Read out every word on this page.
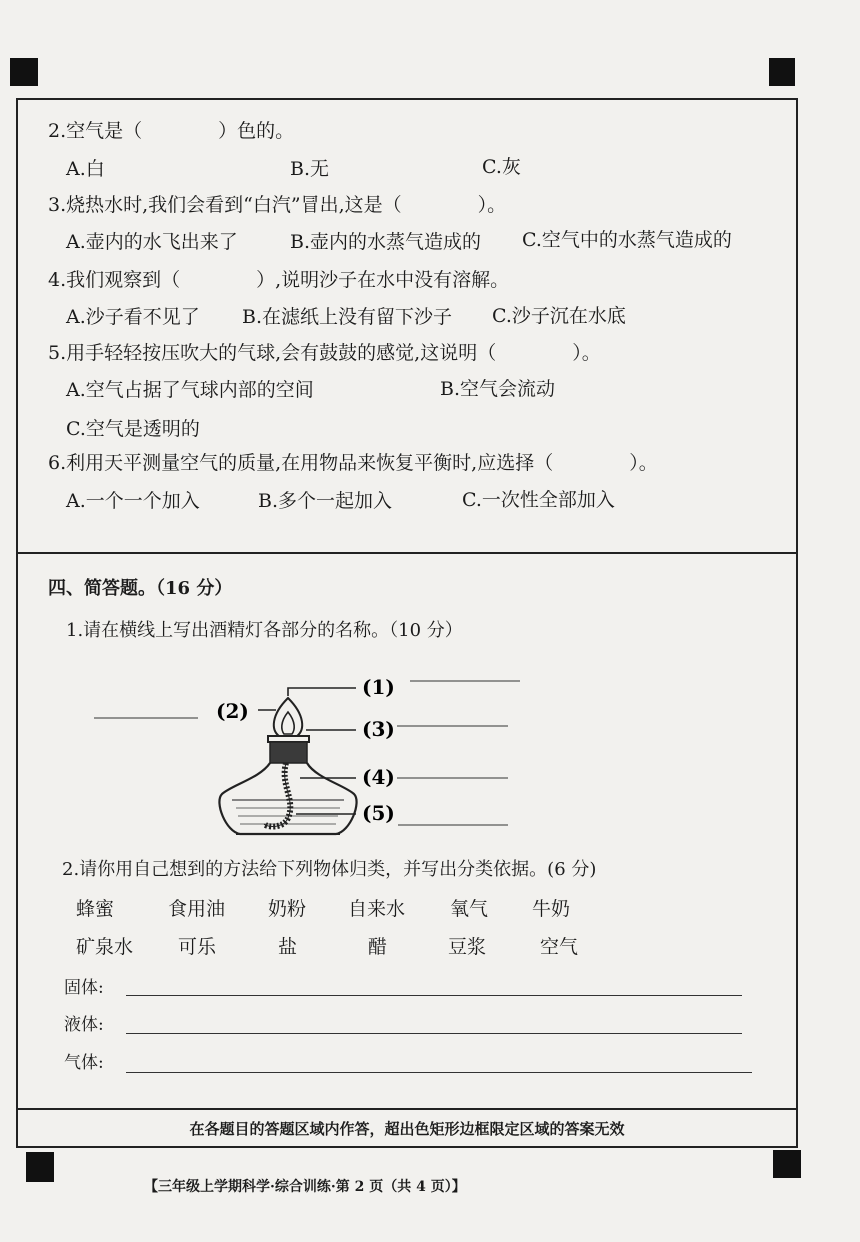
2.空气是（　　　　）色的。
A.白	B.无	C.灰
3.烧热水时,我们会看到“白汽”冒出,这是（　　　　）。
A.壶内的水飞出来了	B.壶内的水蒸气造成的 C.空气中的水蒸气造成的
4.我们观察到（　　　　）,说明沙子在水中没有溶解。
A.沙子看不见了 B.在滤纸上没有留下沙子 C.沙子沉在水底
5.用手轻轻按压吹大的气球,会有鼓鼓的感觉,这说明（　　　　）。
A.空气占据了气球内部的空间	B.空气会流动
C.空气是透明的
6.利用天平测量空气的质量,在用物品来恢复平衡时,应选择（　　　　）。
A.一个一个加入	B.多个一起加入	C.一次性全部加入
四、简答题。（16 分）
1.请在横线上写出酒精灯各部分的名称。（10 分）
(1)
(2)
(3)
(4)
(5)
2.请你用自己想到的方法给下列物体归类，并写出分类依据。(6 分)
蜂蜜	食用油 奶粉 自来水 氧气 牛奶
矿泉水 可乐	盐	醋	豆浆	空气
固体:
液体:
气体:
在各题目的答题区域内作答，超出色矩形边框限定区域的答案无效
【三年级上学期科学·综合训练·第 2 页（共 4 页）】
